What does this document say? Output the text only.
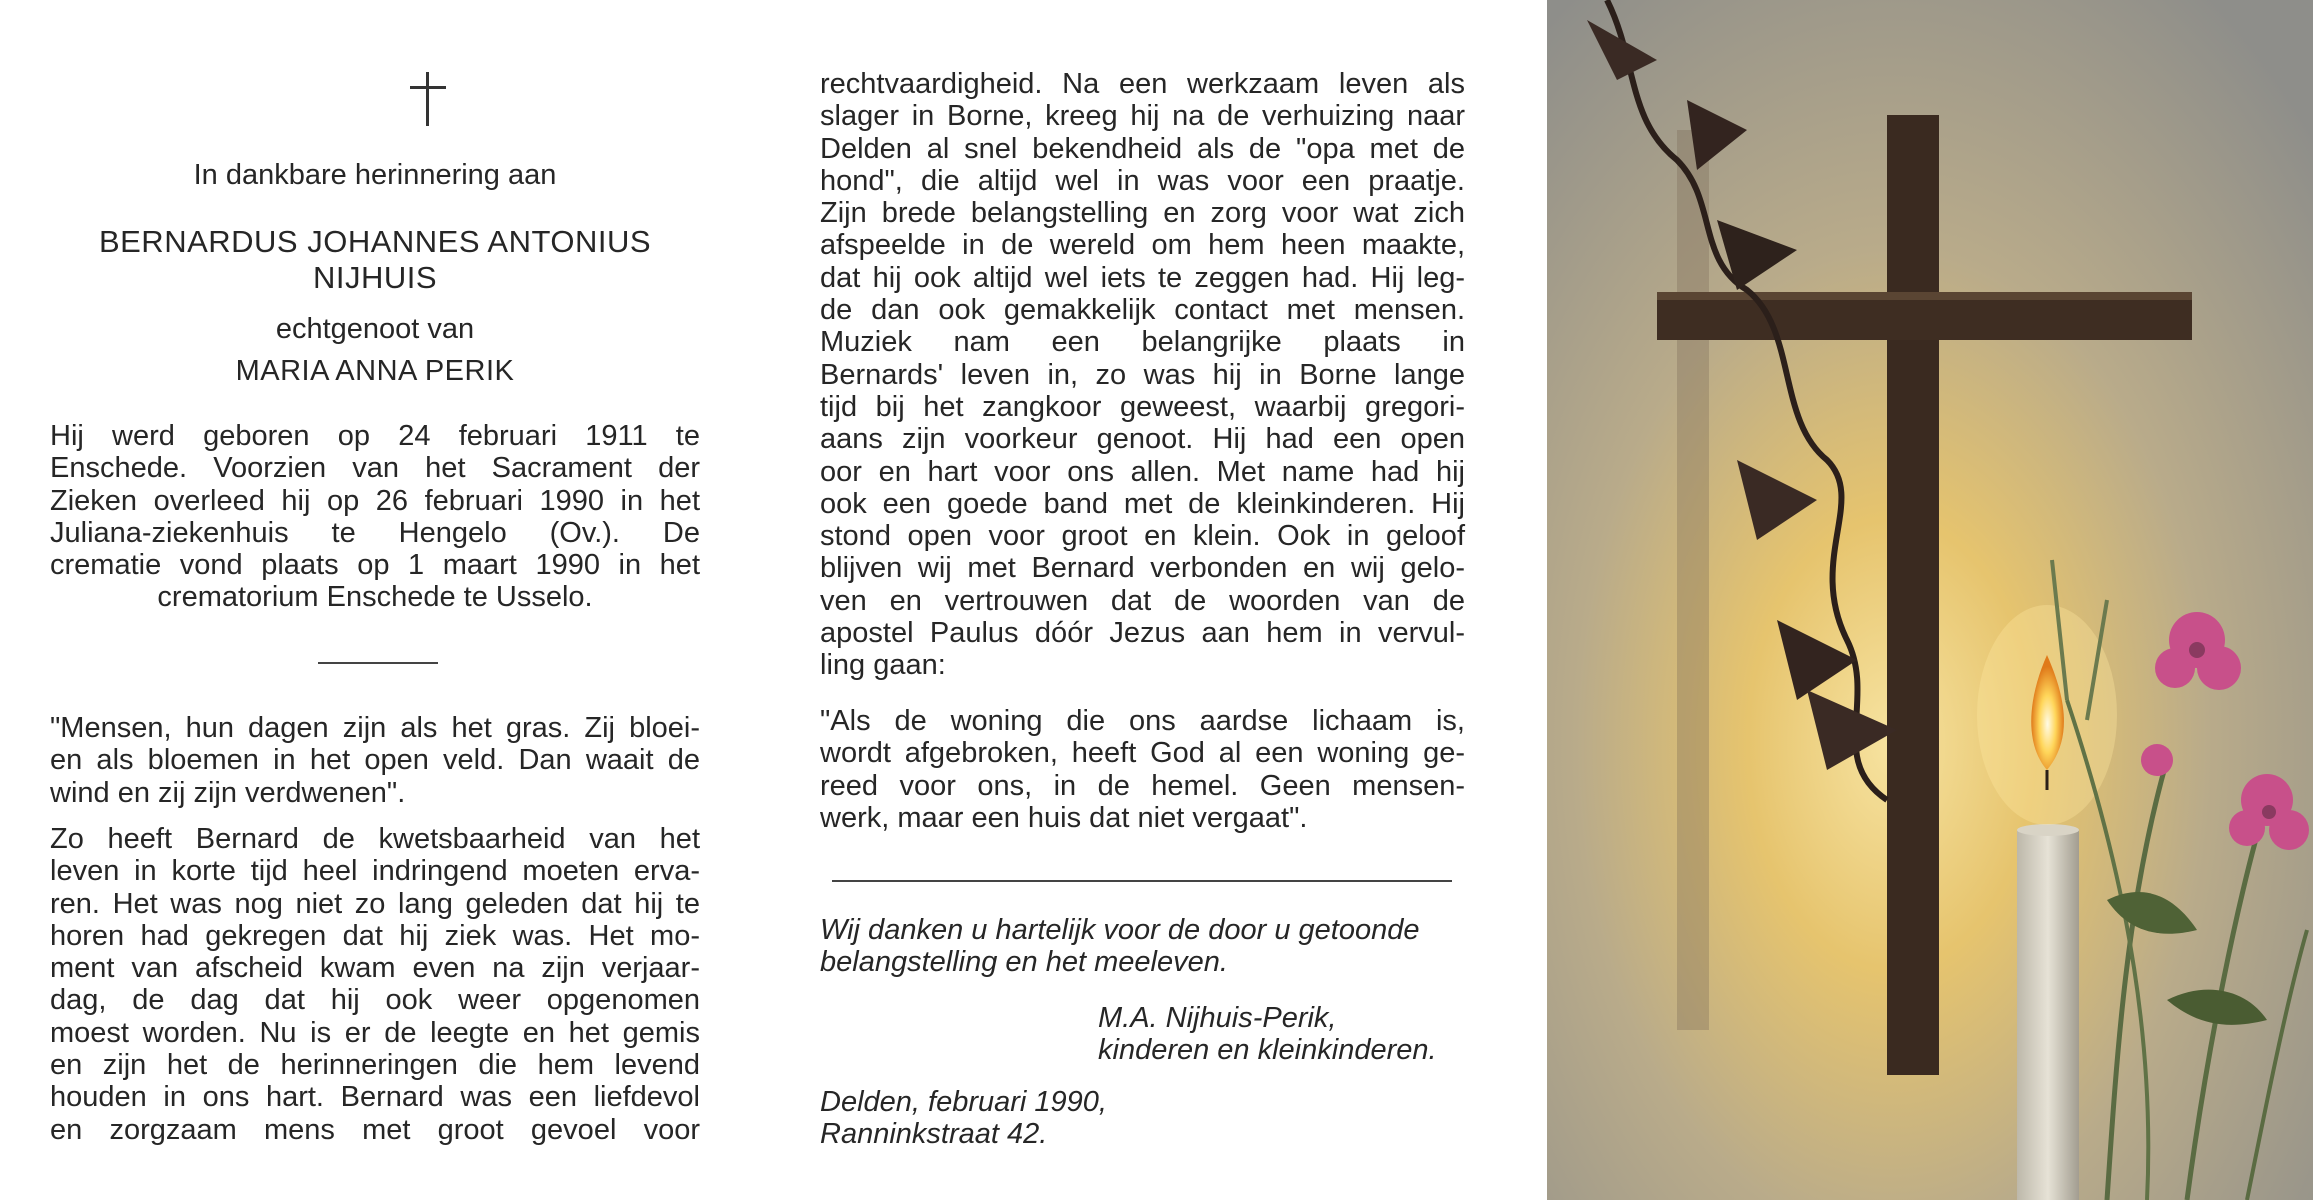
In dankbare herinnering aan
BERNARDUS JOHANNES ANTONIUS
NIJHUIS
echtgenoot van
MARIA ANNA PERIK
Hij werd geboren op 24 februari 1911 te
Enschede. Voorzien van het Sacrament der
Zieken overleed hij op 26 februari 1990 in het
Juliana-ziekenhuis te Hengelo (Ov.). De
crematie vond plaats op 1 maart 1990 in het
crematorium Enschede te Usselo.
"Mensen, hun dagen zijn als het gras. Zij bloei-
en als bloemen in het open veld. Dan waait de
wind en zij zijn verdwenen".
Zo heeft Bernard de kwetsbaarheid van het
leven in korte tijd heel indringend moeten erva-
ren. Het was nog niet zo lang geleden dat hij te
horen had gekregen dat hij ziek was. Het mo-
ment van afscheid kwam even na zijn verjaar-
dag, de dag dat hij ook weer opgenomen
moest worden. Nu is er de leegte en het gemis
en zijn het de herinneringen die hem levend
houden in ons hart. Bernard was een liefdevol
en zorgzaam mens met groot gevoel voor
rechtvaardigheid. Na een werkzaam leven als
slager in Borne, kreeg hij na de verhuizing naar
Delden al snel bekendheid als de "opa met de
hond", die altijd wel in was voor een praatje.
Zijn brede belangstelling en zorg voor wat zich
afspeelde in de wereld om hem heen maakte,
dat hij ook altijd wel iets te zeggen had. Hij leg-
de dan ook gemakkelijk contact met mensen.
Muziek nam een belangrijke plaats in
Bernards' leven in, zo was hij in Borne lange
tijd bij het zangkoor geweest, waarbij gregori-
aans zijn voorkeur genoot. Hij had een open
oor en hart voor ons allen. Met name had hij
ook een goede band met de kleinkinderen. Hij
stond open voor groot en klein. Ook in geloof
blijven wij met Bernard verbonden en wij gelo-
ven en vertrouwen dat de woorden van de
apostel Paulus dóór Jezus aan hem in vervul-
ling gaan:
"Als de woning die ons aardse lichaam is,
wordt afgebroken, heeft God al een woning ge-
reed voor ons, in de hemel. Geen mensen-
werk, maar een huis dat niet vergaat".
Wij danken u hartelijk voor de door u getoonde
belangstelling en het meeleven.
M.A. Nijhuis-Perik,
kinderen en kleinkinderen.
Delden, februari 1990,
Ranninkstraat 42.
